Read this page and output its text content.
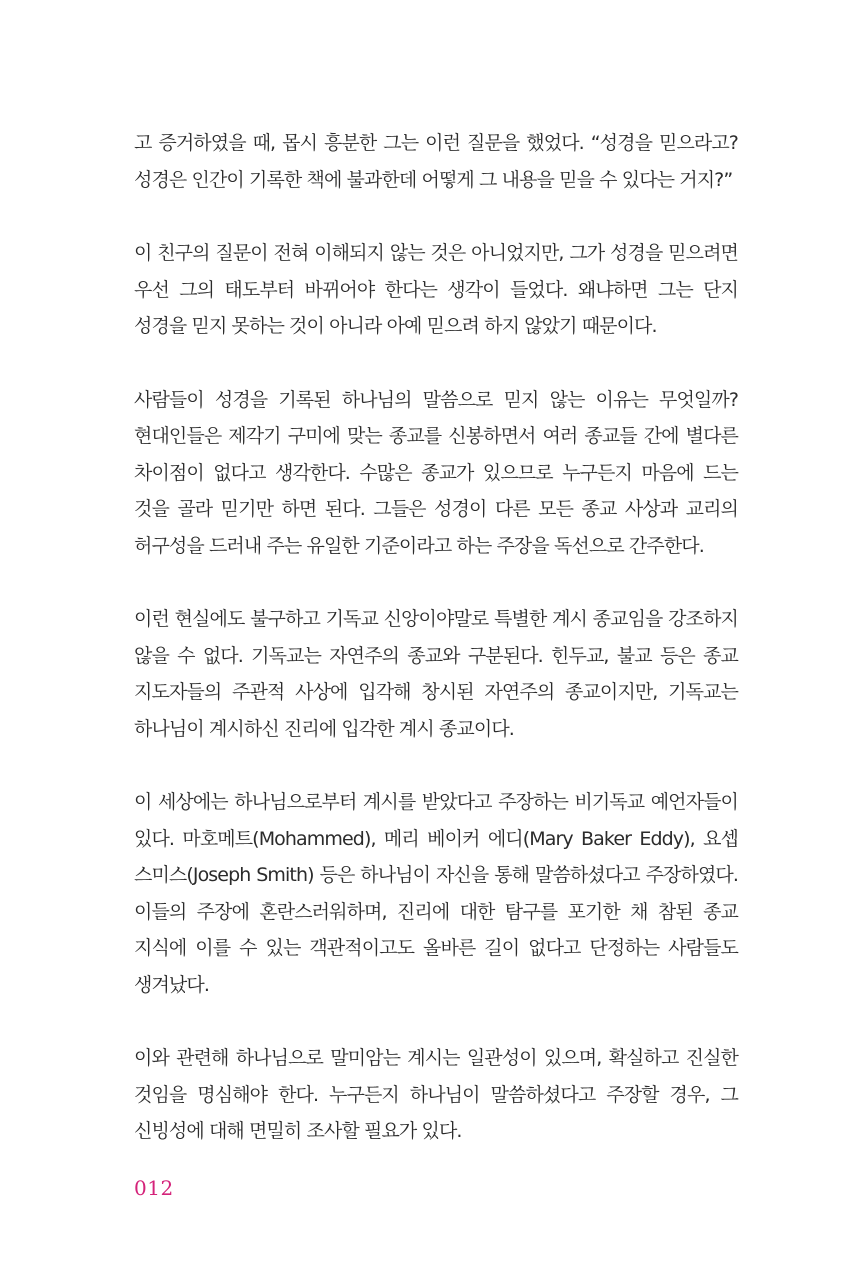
고 증거하였을 때, 몹시 흥분한 그는 이런 질문을 했었다. “성경을 믿으라고? 성경은 인간이 기록한 책에 불과한데 어떻게 그 내용을 믿을 수 있다는 거지?”

이 친구의 질문이 전혀 이해되지 않는 것은 아니었지만, 그가 성경을 믿으려면 우선 그의 태도부터 바뀌어야 한다는 생각이 들었다. 왜냐하면 그는 단지 성경을 믿지 못하는 것이 아니라 아예 믿으려 하지 않았기 때문이다.

사람들이 성경을 기록된 하나님의 말씀으로 믿지 않는 이유는 무엇일까? 현대인들은 제각기 구미에 맞는 종교를 신봉하면서 여러 종교들 간에 별다른 차이점이 없다고 생각한다. 수많은 종교가 있으므로 누구든지 마음에 드는 것을 골라 믿기만 하면 된다. 그들은 성경이 다른 모든 종교 사상과 교리의 허구성을 드러내 주는 유일한 기준이라고 하는 주장을 독선으로 간주한다.

이런 현실에도 불구하고 기독교 신앙이야말로 특별한 계시 종교임을 강조하지 않을 수 없다. 기독교는 자연주의 종교와 구분된다. 힌두교, 불교 등은 종교 지도자들의 주관적 사상에 입각해 창시된 자연주의 종교이지만, 기독교는 하나님이 계시하신 진리에 입각한 계시 종교이다.

이 세상에는 하나님으로부터 계시를 받았다고 주장하는 비기독교 예언자들이 있다. 마호메트(Mohammed), 메리 베이커 에디(Mary Baker Eddy), 요셉 스미스(Joseph Smith) 등은 하나님이 자신을 통해 말씀하셨다고 주장하였다. 이들의 주장에 혼란스러워하며, 진리에 대한 탐구를 포기한 채 참된 종교 지식에 이를 수 있는 객관적이고도 올바른 길이 없다고 단정하는 사람들도 생겨났다.

이와 관련해 하나님으로 말미암는 계시는 일관성이 있으며, 확실하고 진실한 것임을 명심해야 한다. 누구든지 하나님이 말씀하셨다고 주장할 경우, 그 신빙성에 대해 면밀히 조사할 필요가 있다.

012
